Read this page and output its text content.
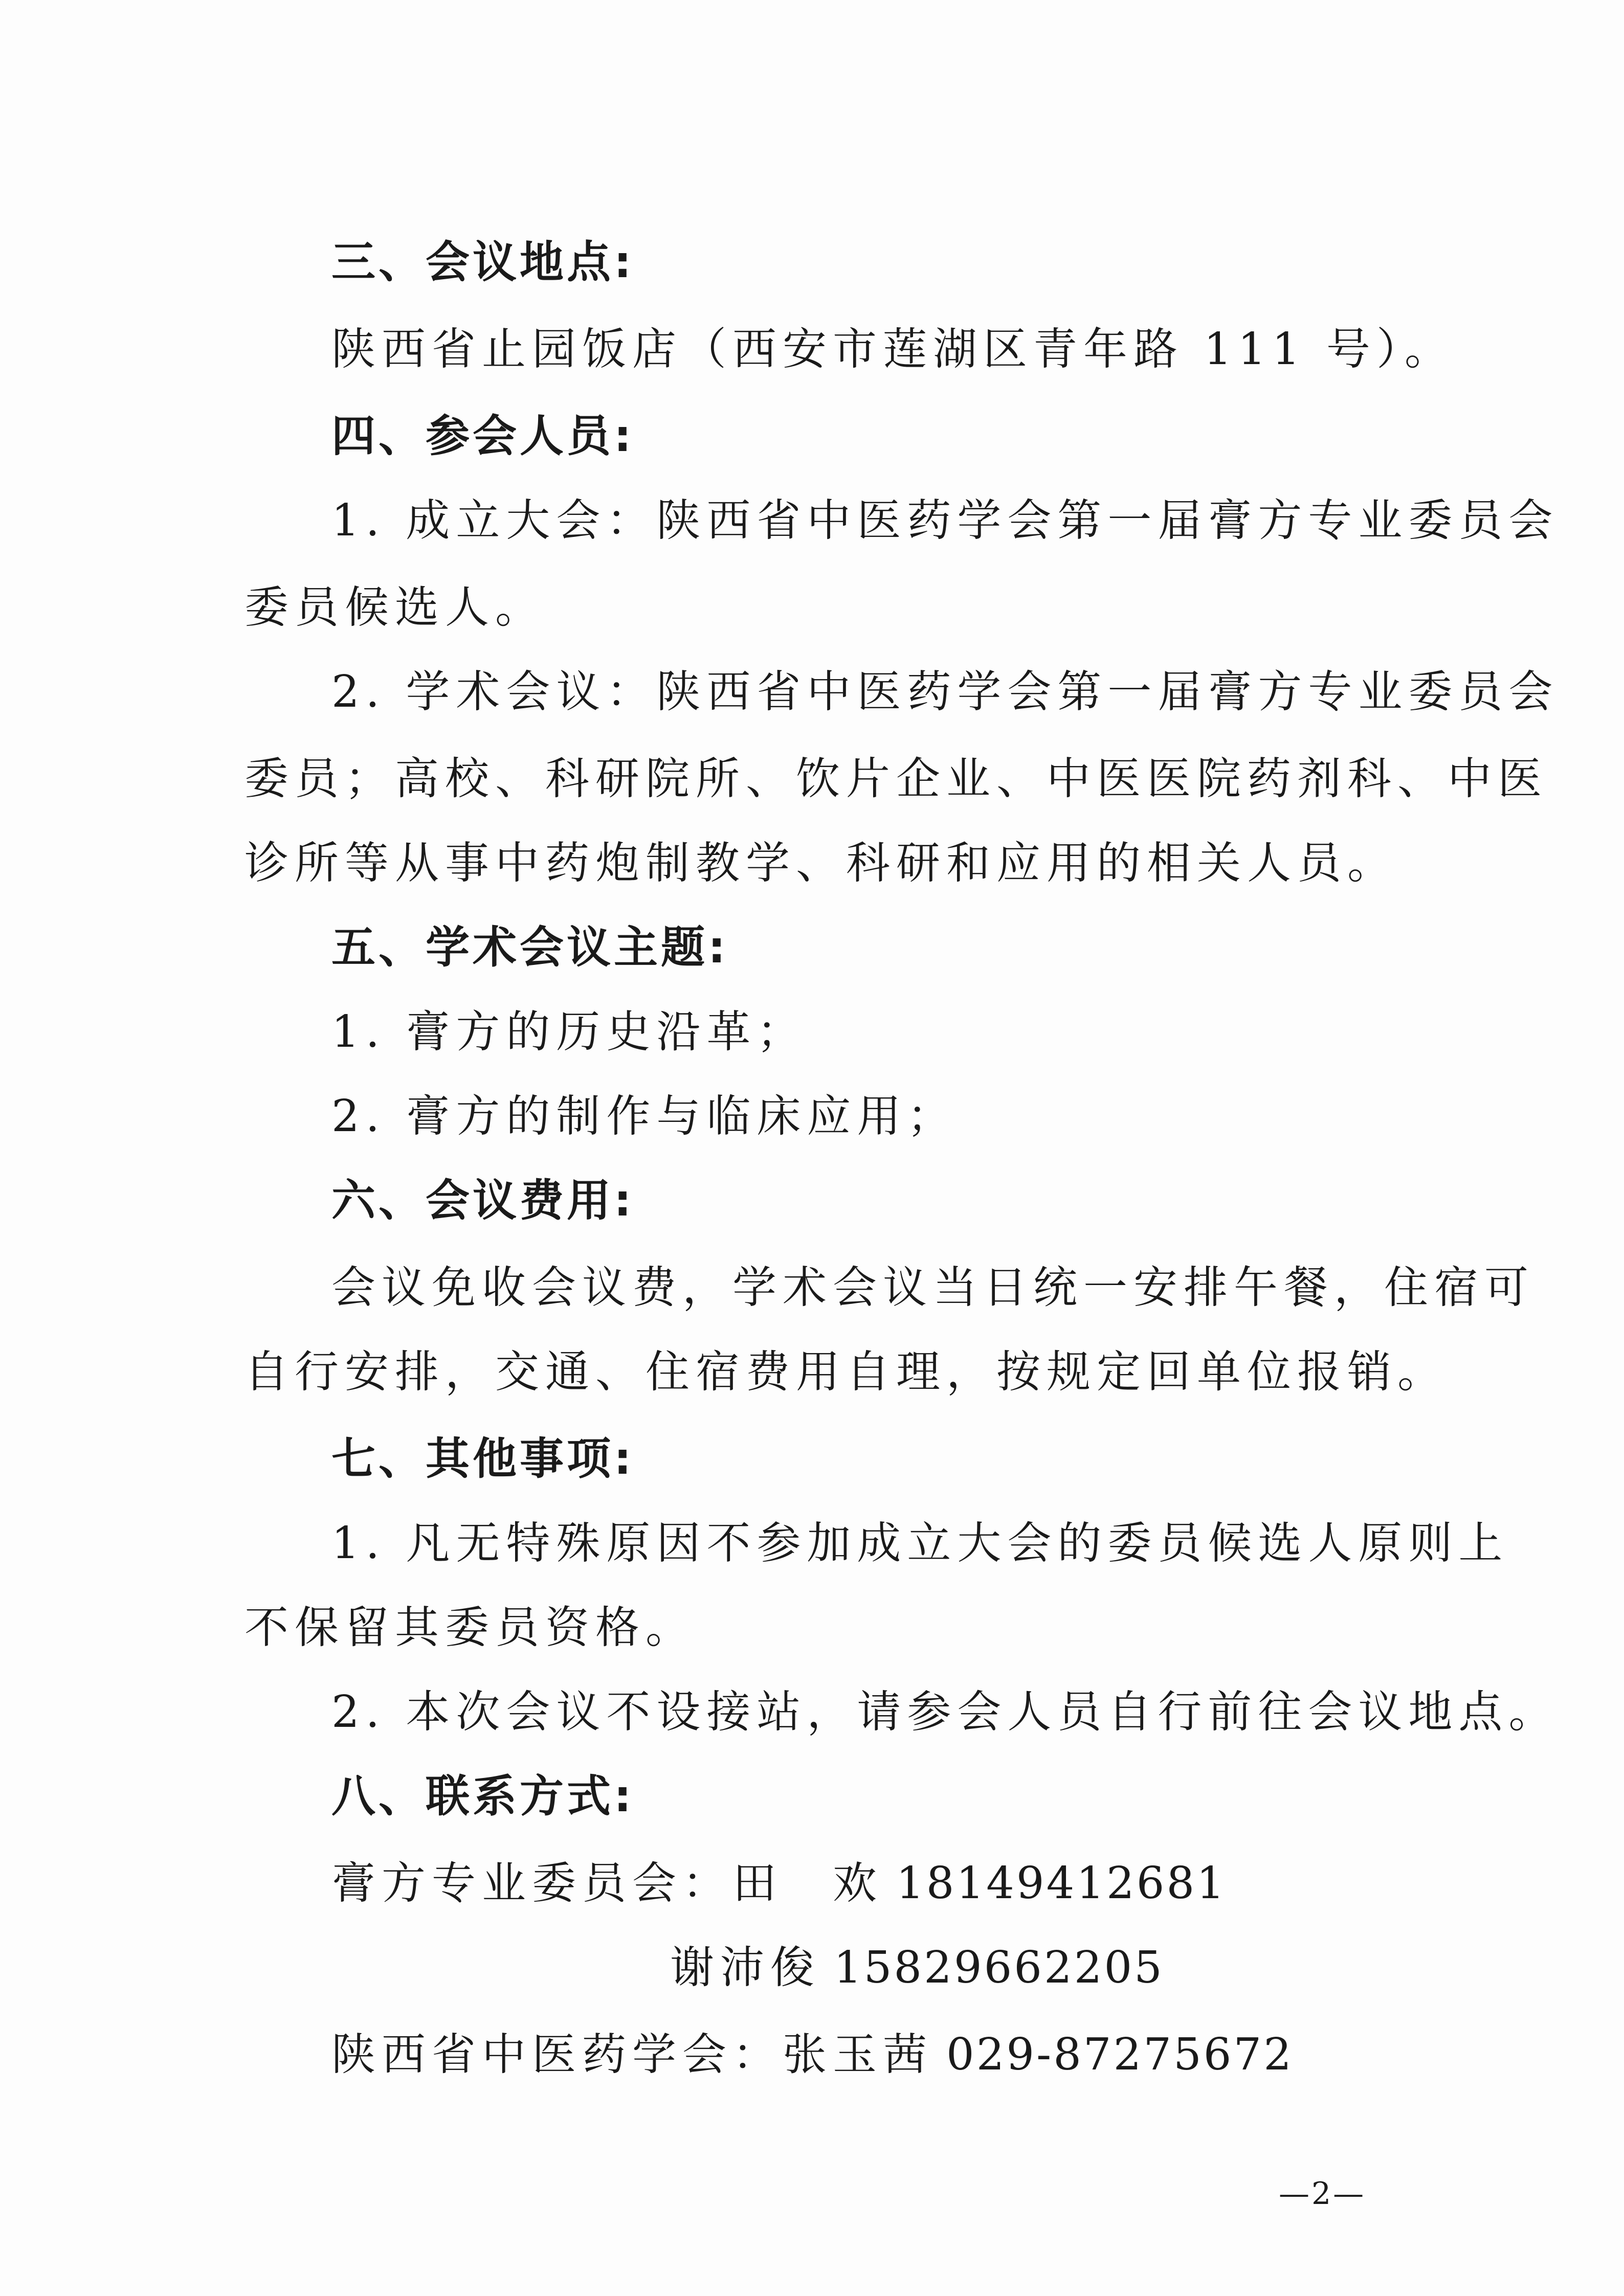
三、会议地点:
陕西省止园饭店（西安市莲湖区青年路 111 号）。
四、参会人员:
1. 成立大会：陕西省中医药学会第一届膏方专业委员会
委员候选人。
2. 学术会议：陕西省中医药学会第一届膏方专业委员会
委员；高校、科研院所、饮片企业、中医医院药剂科、中医
诊所等从事中药炮制教学、科研和应用的相关人员。
五、学术会议主题:
1. 膏方的历史沿革；
2. 膏方的制作与临床应用；
六、会议费用:
会议免收会议费，学术会议当日统一安排午餐，住宿可
自行安排，交通、住宿费用自理，按规定回单位报销。
七、其他事项:
1. 凡无特殊原因不参加成立大会的委员候选人原则上
不保留其委员资格。
2. 本次会议不设接站，请参会人员自行前往会议地点。
八、联系方式:
膏方专业委员会：田　欢 18149412681
谢沛俊 15829662205
陕西省中医药学会：张玉茜 029-87275672
—2—
